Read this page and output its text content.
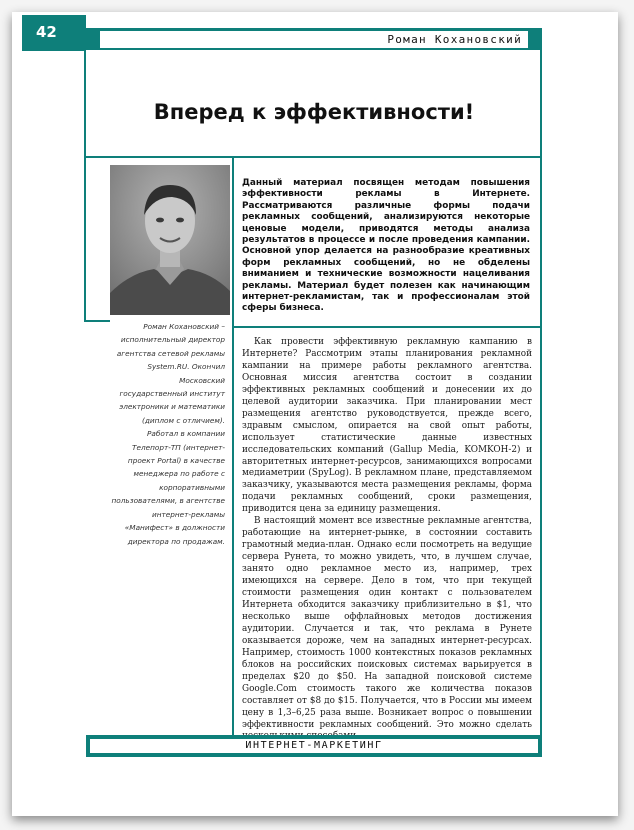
42	Роман Кохановский
Вперед к эффективности!
Роман Кохановский – исполнительный директор агентства сетевой рекламы System.RU. Окончил Московский государственный институт электроники и математики (диплом с отличием). Работал в компании Телепорт-ТП (интернет-проект Portal) в качестве менеджера по работе с корпоративными пользователями, в агентстве интернет-рекламы «Манифест» в должности директора по продажам.
Данный материал посвящен методам повышения эффективности рекламы в Интернете. Рассматриваются различные формы подачи рекламных сообщений, анализируются некоторые ценовые модели, приводятся методы анализа результатов в процессе и после проведения кампании. Основной упор делается на разнообразие креативных форм рекламных сообщений, но не обделены вниманием и технические возможности нацеливания рекламы. Материал будет полезен как начинающим интернет-рекламистам, так и профессионалам этой сферы бизнеса.

Как провести эффективную рекламную кампанию в Интернете? Рассмотрим этапы планирования рекламной кампании на примере работы рекламного агентства. Основная миссия агентства состоит в создании эффективных рекламных сообщений и донесении их до целевой аудитории заказчика. При планировании мест размещения агентство руководствуется, прежде всего, здравым смыслом, опирается на свой опыт работы, использует статистические данные известных исследовательских компаний (Gallup Media, KOMKOH-2) и авторитетных интернет-ресурсов, занимающихся вопросами медиаметрии (SpyLog). В рекламном плане, представляемом заказчику, указываются места размещения рекламы, форма подачи рекламных сообщений, сроки размещения, приводится цена за единицу размещения.

В настоящий момент все известные рекламные агентства, работающие на интернет-рынке, в состоянии составить грамотный медиа-план. Однако если посмотреть на ведущие сервера Рунета, то можно увидеть, что, в лучшем случае, занято одно рекламное место из, например, трех имеющихся на сервере. Дело в том, что при текущей стоимости размещения один контакт с пользователем Интернета обходится заказчику приблизительно в $1, что несколько выше оффлайновых методов достижения аудитории. Случается и так, что реклама в Рунете оказывается дороже, чем на западных интернет-ресурсах. Например, стоимость 1000 контекстных показов рекламных блоков на российских поисковых системах варьируется в пределах $20 до $50. На западной поисковой системе Google.Com стоимость такого же количества показов составляет от $8 до $15. Получается, что в России мы имеем цену в 1,3–6,25 раза выше. Возникает вопрос о повышении эффективности рекламных сообщений. Это можно сделать

ИНТЕРНЕТ-МАРКЕТИНГ
